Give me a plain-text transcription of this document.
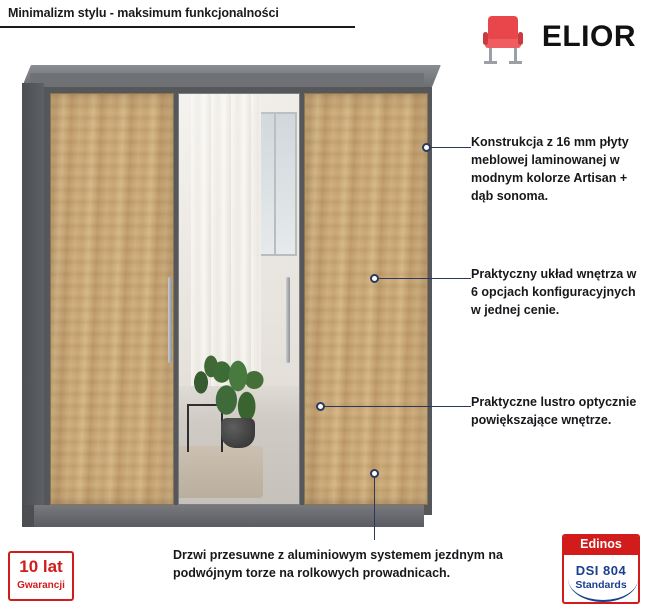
Minimalizm stylu - maksimum funkcjonalności
ELIOR
Konstrukcja z 16 mm płyty meblowej laminowanej w modnym kolorze Artisan + dąb sonoma.
Praktyczny układ wnętrza w 6 opcjach konfiguracyjnych w jednej cenie.
Praktyczne lustro optycznie powiększające wnętrze.
Drzwi przesuwne z aluminiowym systemem jezdnym na podwójnym torze na rolkowych prowadnicach.
10 lat
Gwarancji
Edinos
DSI 804
Standards
